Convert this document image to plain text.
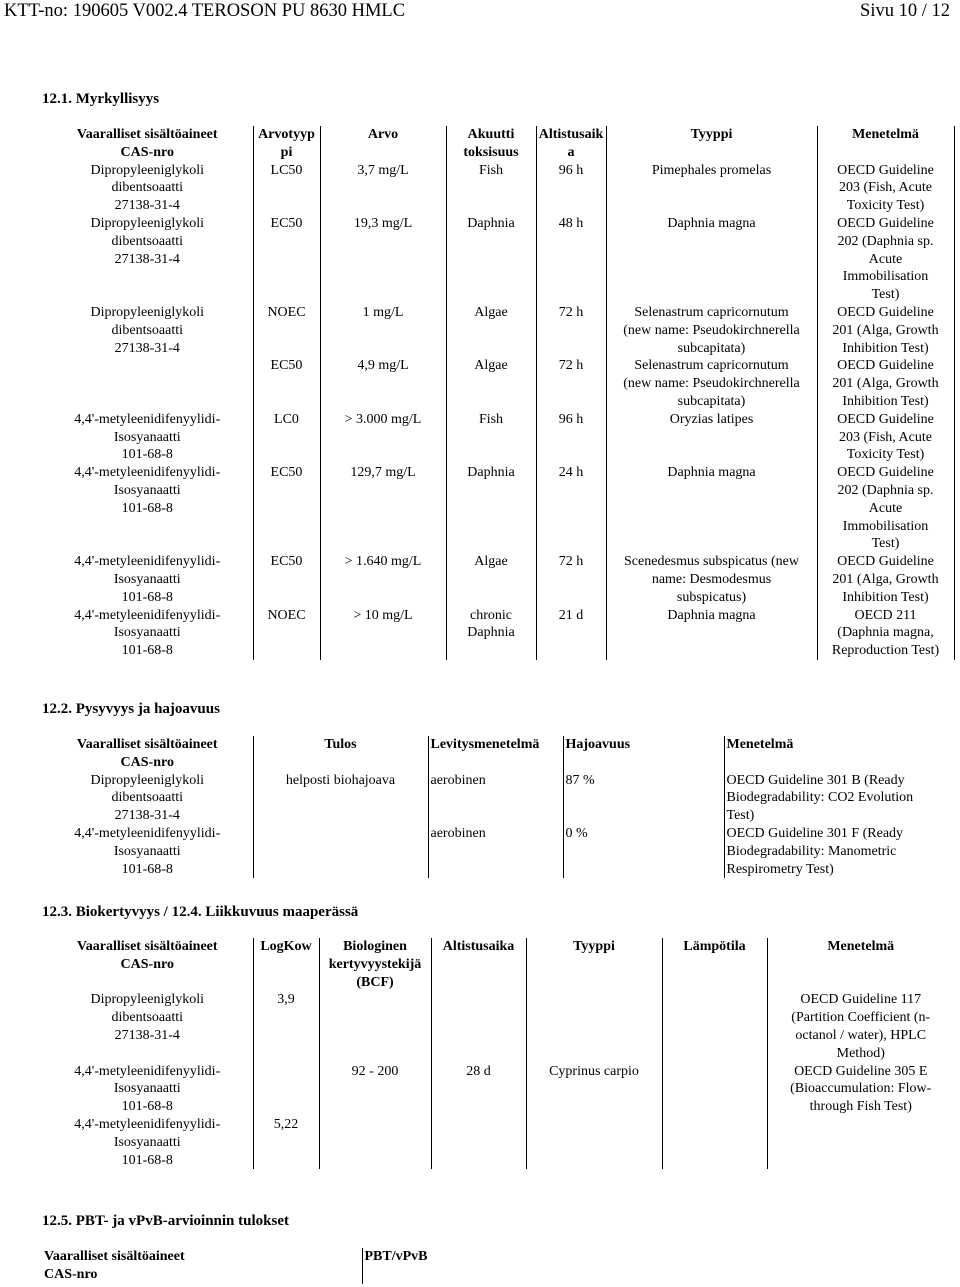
KTT-no: 190605 V002.4 TEROSON PU 8630 HMLC	Sivu 10 / 12
12.1. Myrkyllisyys
Vaaralliset sisältöaineet
CAS-nro	Arvotyyp
pi	Arvo	Akuutti
toksisuus	Altistusaik
a	Tyyppi	Menetelmä
Dipropyleeniglykoli
dibentsoaatti
27138-31-4	LC50	3,7 mg/L	Fish	96 h	Pimephales promelas	OECD Guideline
203 (Fish, Acute
Toxicity Test)
Dipropyleeniglykoli
dibentsoaatti
27138-31-4	EC50	19,3 mg/L	Daphnia	48 h	Daphnia magna	OECD Guideline
202 (Daphnia sp.
Acute
Immobilisation
Test)
Dipropyleeniglykoli
dibentsoaatti
27138-31-4	NOEC	1 mg/L	Algae	72 h	Selenastrum capricornutum
(new name: Pseudokirchnerella
subcapitata)	OECD Guideline
201 (Alga, Growth
Inhibition Test)
	EC50	4,9 mg/L	Algae	72 h	Selenastrum capricornutum
(new name: Pseudokirchnerella
subcapitata)	OECD Guideline
201 (Alga, Growth
Inhibition Test)
4,4'-metyleenidifenyylidi-
Isosyanaatti
101-68-8	LC0	> 3.000 mg/L	Fish	96 h	Oryzias latipes	OECD Guideline
203 (Fish, Acute
Toxicity Test)
4,4'-metyleenidifenyylidi-
Isosyanaatti
101-68-8	EC50	129,7 mg/L	Daphnia	24 h	Daphnia magna	OECD Guideline
202 (Daphnia sp.
Acute
Immobilisation
Test)
4,4'-metyleenidifenyylidi-
Isosyanaatti
101-68-8	EC50	> 1.640 mg/L	Algae	72 h	Scenedesmus subspicatus (new
name: Desmodesmus
subspicatus)	OECD Guideline
201 (Alga, Growth
Inhibition Test)
4,4'-metyleenidifenyylidi-
Isosyanaatti
101-68-8	NOEC	> 10 mg/L	chronic
Daphnia	21 d	Daphnia magna	OECD 211
(Daphnia magna,
Reproduction Test)
12.2. Pysyvyys ja hajoavuus
Vaaralliset sisältöaineet
CAS-nro	Tulos	Levitysmenetelmä	Hajoavuus	Menetelmä
Dipropyleeniglykoli
dibentsoaatti
27138-31-4	helposti biohajoava	aerobinen	87 %	OECD Guideline 301 B (Ready
Biodegradability: CO2 Evolution
Test)
4,4'-metyleenidifenyylidi-
Isosyanaatti
101-68-8		aerobinen	0 %	OECD Guideline 301 F (Ready
Biodegradability: Manometric
Respirometry Test)
12.3. Biokertyvyys / 12.4. Liikkuvuus maaperässä
Vaaralliset sisältöaineet
CAS-nro	LogKow	Biologinen
kertyvyystekijä
(BCF)	Altistusaika	Tyyppi	Lämpötila	Menetelmä
Dipropyleeniglykoli
dibentsoaatti
27138-31-4	3,9					OECD Guideline 117
(Partition Coefficient (n-
octanol / water), HPLC
Method)
4,4'-metyleenidifenyylidi-
Isosyanaatti
101-68-8		92 - 200	28 d	Cyprinus carpio		OECD Guideline 305 E
(Bioaccumulation: Flow-
through Fish Test)
4,4'-metyleenidifenyylidi-
Isosyanaatti
101-68-8	5,22					
12.5. PBT- ja vPvB-arvioinnin tulokset
Vaaralliset sisältöaineet
CAS-nro	PBT/vPvB
